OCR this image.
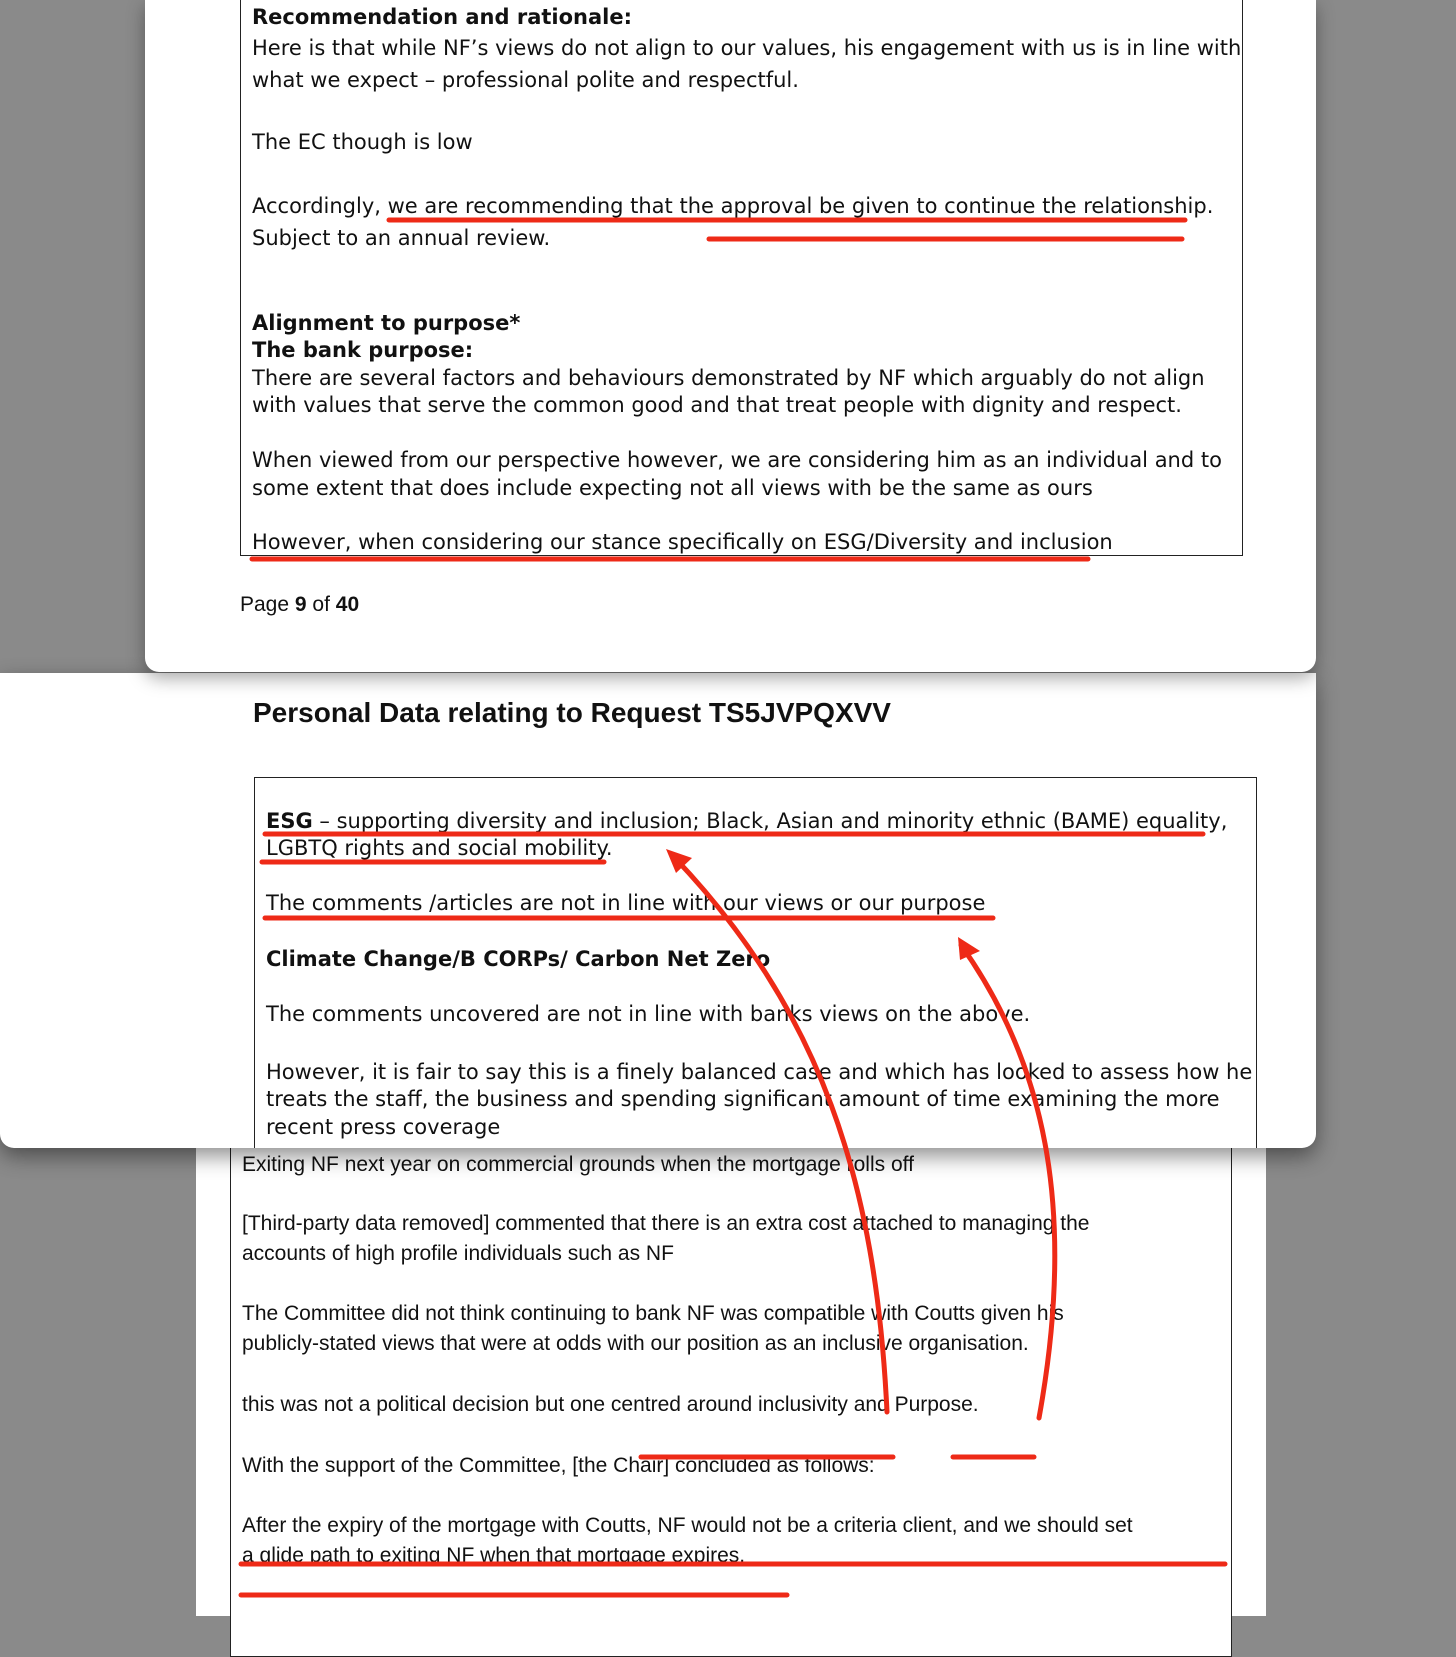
Exiting NF next year on commercial grounds when the mortgage rolls off

[Third-party data removed] commented that there is an extra cost attached to managing the

accounts of high profile individuals such as NF

The Committee did not think continuing to bank NF was compatible with Coutts given his

publicly-stated views that were at odds with our position as an inclusive organisation.

this was not a political decision but one centred around inclusivity and Purpose.

With the support of the Committee, [the Chair] concluded as follows:

After the expiry of the mortgage with Coutts, NF would not be a criteria client, and we should set

a glide path to exiting NF when that mortgage expires.

ESG – supporting diversity and inclusion; Black, Asian and minority ethnic (BAME) equality,

LGBTQ rights and social mobility.

The comments /articles are not in line with our views or our purpose

Climate Change/B CORPs/ Carbon Net Zero

The comments uncovered are not in line with banks views on the above.

However, it is fair to say this is a finely balanced case and which has looked to assess how he

treats the staff, the business and spending significant amount of time examining the more

recent press coverage

Personal Data relating to Request TS5JVPQXVV

Recommendation and rationale:

Here is that while NF’s views do not align to our values, his engagement with us is in line with

what we expect – professional polite and respectful.

The EC though is low

Accordingly, we are recommending that the approval be given to continue the relationship.

Subject to an annual review.

Alignment to purpose*

The bank purpose:

There are several factors and behaviours demonstrated by NF which arguably do not align

with values that serve the common good and that treat people with dignity and respect.

When viewed from our perspective however, we are considering him as an individual and to

some extent that does include expecting not all views with be the same as ours

However, when considering our stance specifically on ESG/Diversity and inclusion

Page 9 of 40
